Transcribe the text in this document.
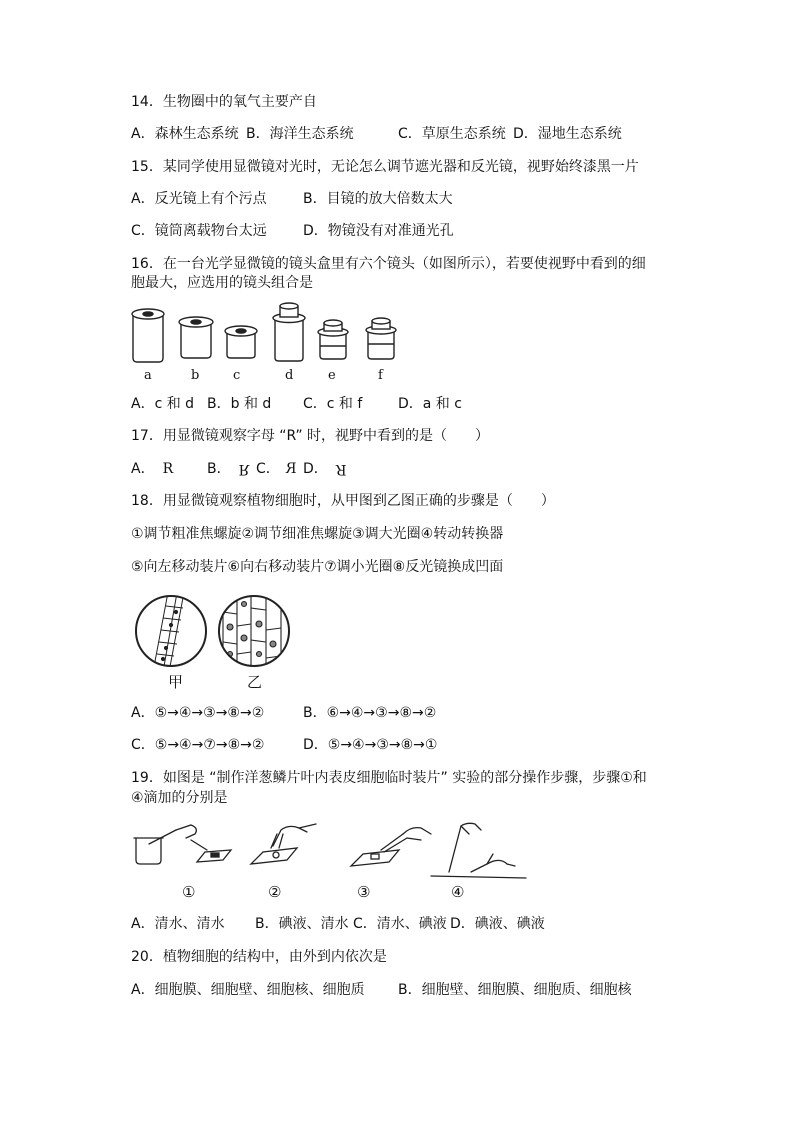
14．生物圈中的氧气主要产自
A．森林生态系统 B．海洋生态系统	C．草原生态系统 D．湿地生态系统
15．某同学使用显微镜对光时，无论怎么调节遮光器和反光镜，视野始终漆黑一片
A．反光镜上有个污点	B．目镜的放大倍数太大
C．镜筒离载物台太远	D．物镜没有对准通光孔
16．在一台光学显微镜的镜头盒里有六个镜头（如图所示），若要使视野中看到的细
胞最大，应选用的镜头组合是
a	b	c	d	e	f
A．c 和 d B．b 和 d C．c 和 f	D．a 和 c
17．用显微镜观察字母 “R” 时，视野中看到的是（　　）
A． R B． R C． R D． R
18．用显微镜观察植物细胞时，从甲图到乙图正确的步骤是（　　）
①调节粗准焦螺旋②调节细准焦螺旋③调大光圈④转动转换器
⑤向左移动装片⑥向右移动装片⑦调小光圈⑧反光镜换成凹面
甲	乙
A．⑤→④→③→⑧→②	B．⑥→④→③→⑧→②
C．⑤→④→⑦→⑧→②	D．⑤→④→③→⑧→①
19．如图是 “制作洋葱鳞片叶内表皮细胞临时装片” 实验的部分操作步骤，步骤①和
④滴加的分别是
①	②	③	④
A．清水、清水 B．碘液、清水 C．清水、碘液 D．碘液、碘液
20．植物细胞的结构中，由外到内依次是
A．细胞膜、细胞壁、细胞核、细胞质 B．细胞壁、细胞膜、细胞质、细胞核
